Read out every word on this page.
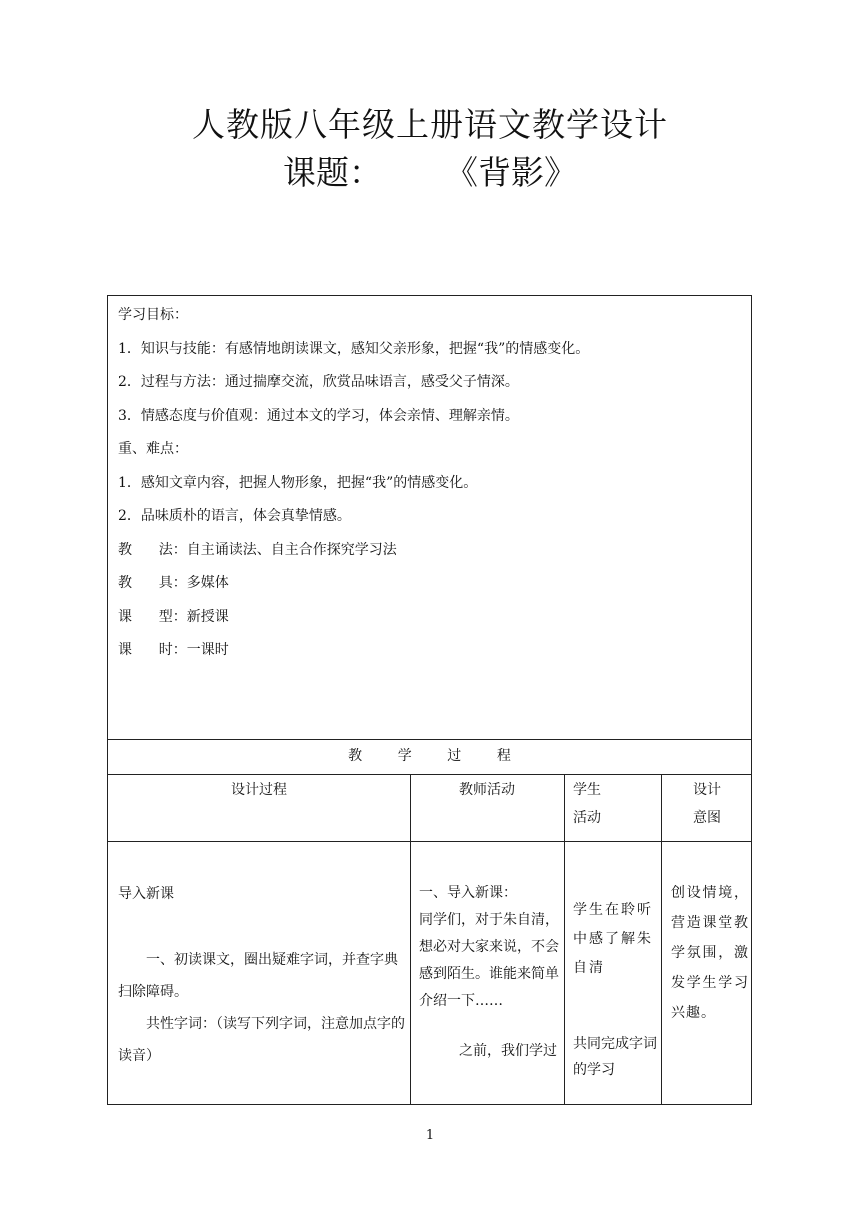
人教版八年级上册语文教学设计
课题：      《背影》
学习目标：
1．知识与技能：有感情地朗读课文，感知父亲形象，把握“我”的情感变化。
2．过程与方法：通过揣摩交流，欣赏品味语言，感受父子情深。
3．情感态度与价值观：通过本文的学习，体会亲情、理解亲情。
重、难点：
1．感知文章内容，把握人物形象，把握“我”的情感变化。
2．品味质朴的语言，体会真挚情感。
教      法：自主诵读法、自主合作探究学习法
教      具：多媒体
课      型：新授课
课      时：一课时
教        学        过        程
设计过程	教师活动	学生
活动
设计
意图
导入新课
一、初读课文，圈出疑难字词，并查字典扫除障碍。
共性字词：（读写下列字词，注意加点字的读音）
一、导入新课：
同学们，对于朱自清，想必对大家来说，不会感到陌生。谁能来简单介绍一下……
之前，我们学过
学生在聆听中感了解朱自清
共同完成字词的学习
创设情境，营造课堂教学氛围，激发学生学习兴趣。
1
